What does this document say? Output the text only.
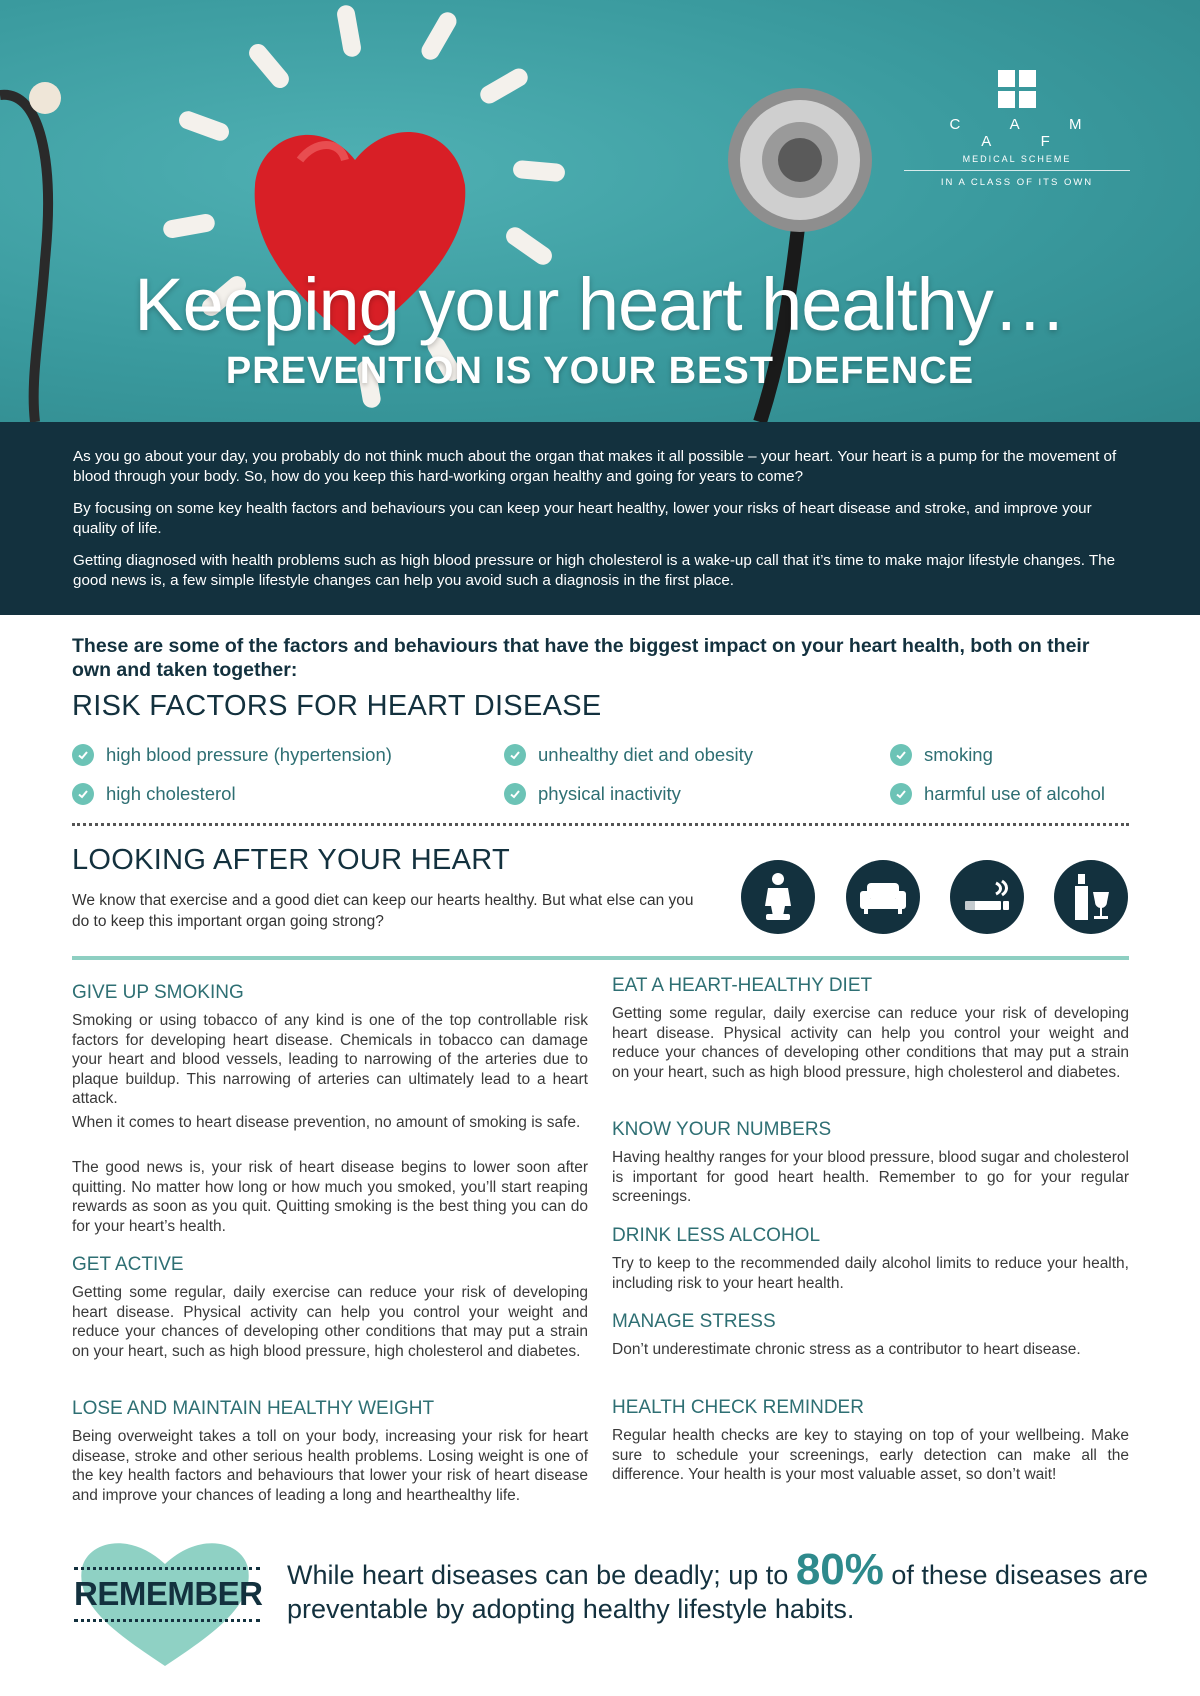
C A M A F
MEDICAL SCHEME
IN A CLASS OF ITS OWN
Keeping your heart healthy…
PREVENTION IS YOUR BEST DEFENCE

As you go about your day, you probably do not think much about the organ that makes it all possible – your heart. Your heart is a pump for the movement of blood through your body. So, how do you keep this hard-working organ healthy and going for years to come?

By focusing on some key health factors and behaviours you can keep your heart healthy, lower your risks of heart disease and stroke, and improve your quality of life.

Getting diagnosed with health problems such as high blood pressure or high cholesterol is a wake-up call that it’s time to make major lifestyle changes. The good news is, a few simple lifestyle changes can help you avoid such a diagnosis in the first place.

These are some of the factors and behaviours that have the biggest impact on your heart health, both on their own and taken together:
RISK FACTORS FOR HEART DISEASE
high blood pressure (hypertension)
high cholesterol
unhealthy diet and obesity
physical inactivity
smoking
harmful use of alcohol
LOOKING AFTER YOUR HEART
We know that exercise and a good diet can keep our hearts healthy. But what else can you do to keep this important organ going strong?
GIVE UP SMOKING
Smoking or using tobacco of any kind is one of the top controllable risk factors for developing heart disease. Chemicals in tobacco can damage your heart and blood vessels, leading to narrowing of the arteries due to plaque buildup. This narrowing of arteries can ultimately lead to a heart attack.
When it comes to heart disease prevention, no amount of smoking is safe.
The good news is, your risk of heart disease begins to lower soon after quitting. No matter how long or how much you smoked, you’ll start reaping rewards as soon as you quit. Quitting smoking is the best thing you can do for your heart’s health.
GET ACTIVE
Getting some regular, daily exercise can reduce your risk of developing heart disease. Physical activity can help you control your weight and reduce your chances of developing other conditions that may put a strain on your heart, such as high blood pressure, high cholesterol and diabetes.
LOSE AND MAINTAIN HEALTHY WEIGHT
Being overweight takes a toll on your body, increasing your risk for heart disease, stroke and other serious health problems. Losing weight is one of the key health factors and behaviours that lower your risk of heart disease and improve your chances of leading a long and hearthealthy life.
EAT A HEART-HEALTHY DIET
Getting some regular, daily exercise can reduce your risk of developing heart disease. Physical activity can help you control your weight and reduce your chances of developing other conditions that may put a strain on your heart, such as high blood pressure, high cholesterol and diabetes.
KNOW YOUR NUMBERS
Having healthy ranges for your blood pressure, blood sugar and cholesterol is important for good heart health. Remember to go for your regular screenings.
DRINK LESS ALCOHOL
Try to keep to the recommended daily alcohol limits to reduce your health, including risk to your heart health.
MANAGE STRESS
Don’t underestimate chronic stress as a contributor to heart disease.
HEALTH CHECK REMINDER
Regular health checks are key to staying on top of your wellbeing. Make sure to schedule your screenings, early detection can make all the difference. Your health is your most valuable asset, so don’t wait!
REMEMBER While heart diseases can be deadly; up to 80% of these diseases are preventable by adopting healthy lifestyle habits.
